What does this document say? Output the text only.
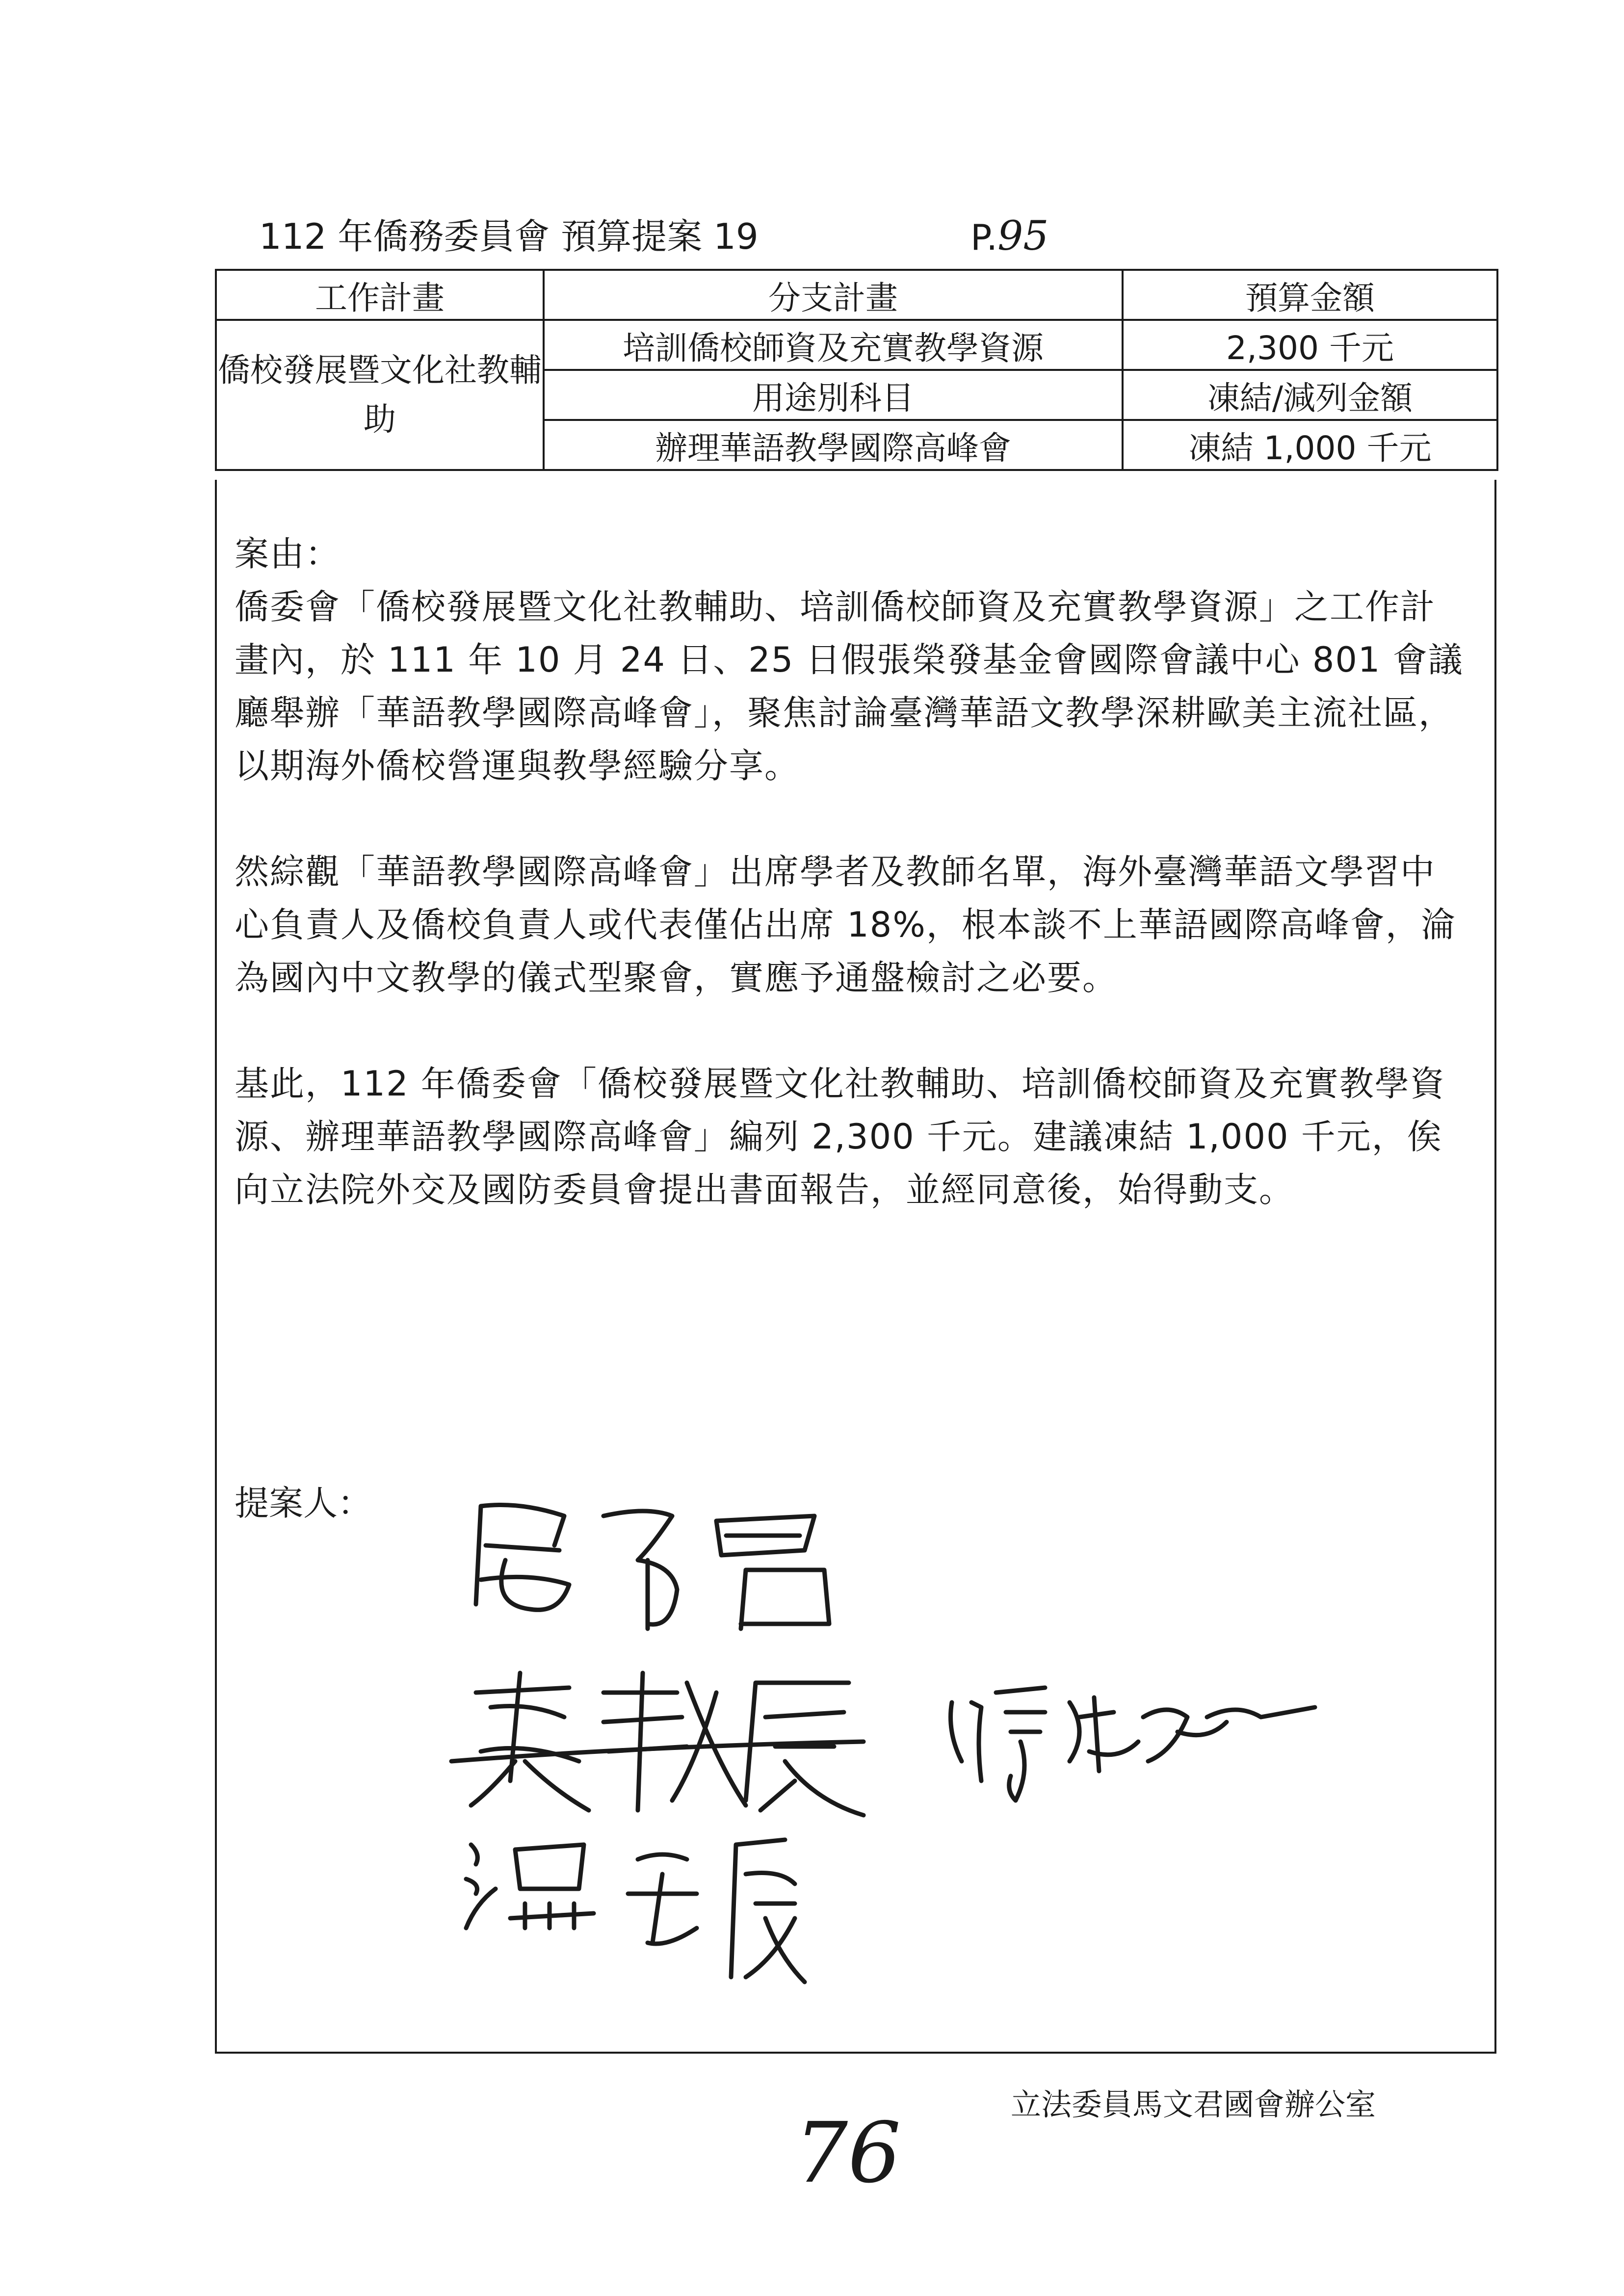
112 年僑務委員會 預算提案 19	P.95
工作計畫	分支計畫	預算金額
僑校發展暨文化社教輔助	培訓僑校師資及充實教學資源	2,300 千元
	用途別科目	凍結/減列金額
	辦理華語教學國際高峰會	凍結 1,000 千元

案由：

僑委會「僑校發展暨文化社教輔助、培訓僑校師資及充實教學資源」之工作計畫內，於 111 年 10 月 24 日、25 日假張榮發基金會國際會議中心 801 會議廳舉辦「華語教學國際高峰會」，聚焦討論臺灣華語文教學深耕歐美主流社區，以期海外僑校營運與教學經驗分享。

然綜觀「華語教學國際高峰會」出席學者及教師名單，海外臺灣華語文學習中心負責人及僑校負責人或代表僅佔出席 18%，根本談不上華語國際高峰會，淪為國內中文教學的儀式型聚會，實應予通盤檢討之必要。

基此，112 年僑委會「僑校發展暨文化社教輔助、培訓僑校師資及充實教學資源、辦理華語教學國際高峰會」編列 2,300 千元。建議凍結 1,000 千元，俟向立法院外交及國防委員會提出書面報告，並經同意後，始得動支。

提案人：
76
立法委員馬文君國會辦公室
